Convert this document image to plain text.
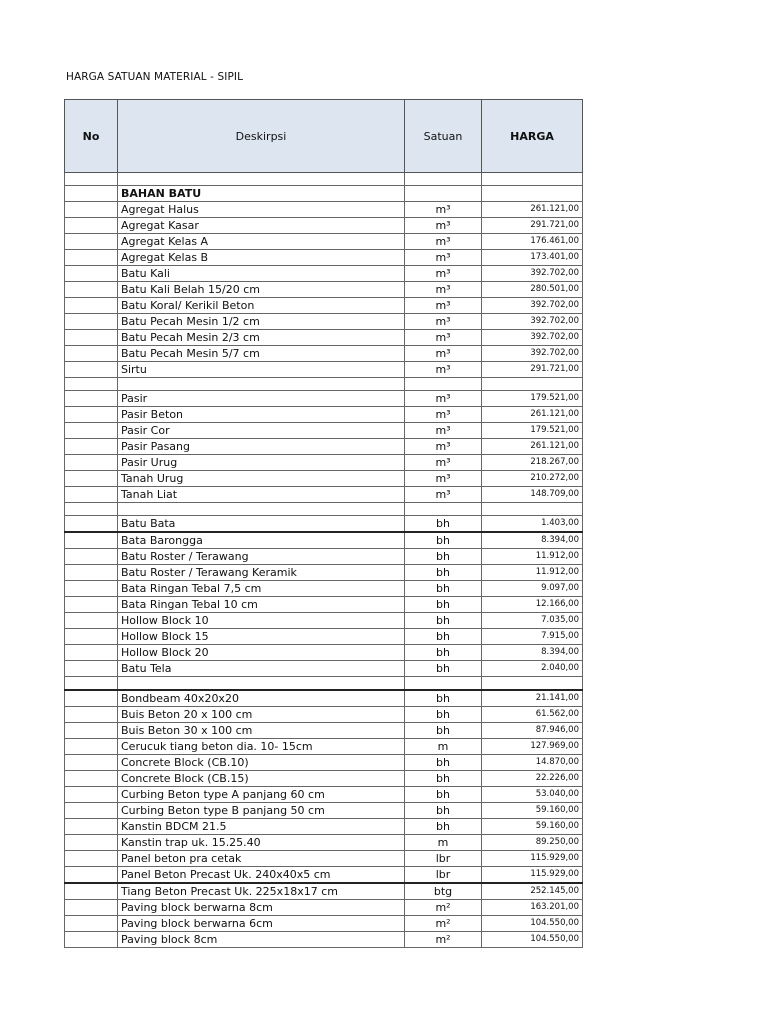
HARGA SATUAN MATERIAL - SIPIL
No	Deskirpsi	Satuan	HARGA

	BAHAN BATU		
	Agregat Halus	m³	261.121,00
	Agregat Kasar	m³	291.721,00
	Agregat Kelas A	m³	176.461,00
	Agregat Kelas B	m³	173.401,00
	Batu Kali	m³	392.702,00
	Batu Kali Belah 15/20 cm	m³	280.501,00
	Batu Koral/ Kerikil Beton	m³	392.702,00
	Batu Pecah Mesin 1/2 cm	m³	392.702,00
	Batu Pecah Mesin 2/3 cm	m³	392.702,00
	Batu Pecah Mesin 5/7 cm	m³	392.702,00
	Sirtu	m³	291.721,00

	Pasir	m³	179.521,00
	Pasir Beton	m³	261.121,00
	Pasir Cor	m³	179.521,00
	Pasir Pasang	m³	261.121,00
	Pasir Urug	m³	218.267,00
	Tanah Urug	m³	210.272,00
	Tanah Liat	m³	148.709,00

	Batu Bata	bh	1.403,00
	Bata Barongga	bh	8.394,00
	Batu Roster / Terawang	bh	11.912,00
	Batu Roster / Terawang Keramik	bh	11.912,00
	Bata Ringan Tebal 7,5 cm	bh	9.097,00
	Bata Ringan Tebal 10 cm	bh	12.166,00
	Hollow Block 10	bh	7.035,00
	Hollow Block 15	bh	7.915,00
	Hollow Block 20	bh	8.394,00
	Batu Tela	bh	2.040,00

	Bondbeam 40x20x20	bh	21.141,00
	Buis Beton 20 x 100 cm	bh	61.562,00
	Buis Beton 30 x 100 cm	bh	87.946,00
	Cerucuk tiang beton dia. 10- 15cm	m	127.969,00
	Concrete Block (CB.10)	bh	14.870,00
	Concrete Block (CB.15)	bh	22.226,00
	Curbing Beton type A panjang 60 cm	bh	53.040,00
	Curbing Beton type B panjang 50 cm	bh	59.160,00
	Kanstin BDCM 21.5	bh	59.160,00
	Kanstin trap uk. 15.25.40	m	89.250,00
	Panel beton pra cetak	lbr	115.929,00
	Panel Beton Precast Uk. 240x40x5 cm	lbr	115.929,00
	Tiang Beton Precast Uk. 225x18x17 cm	btg	252.145,00
	Paving block berwarna 8cm	m²	163.201,00
	Paving block berwarna 6cm	m²	104.550,00
	Paving block 8cm	m²	104.550,00
